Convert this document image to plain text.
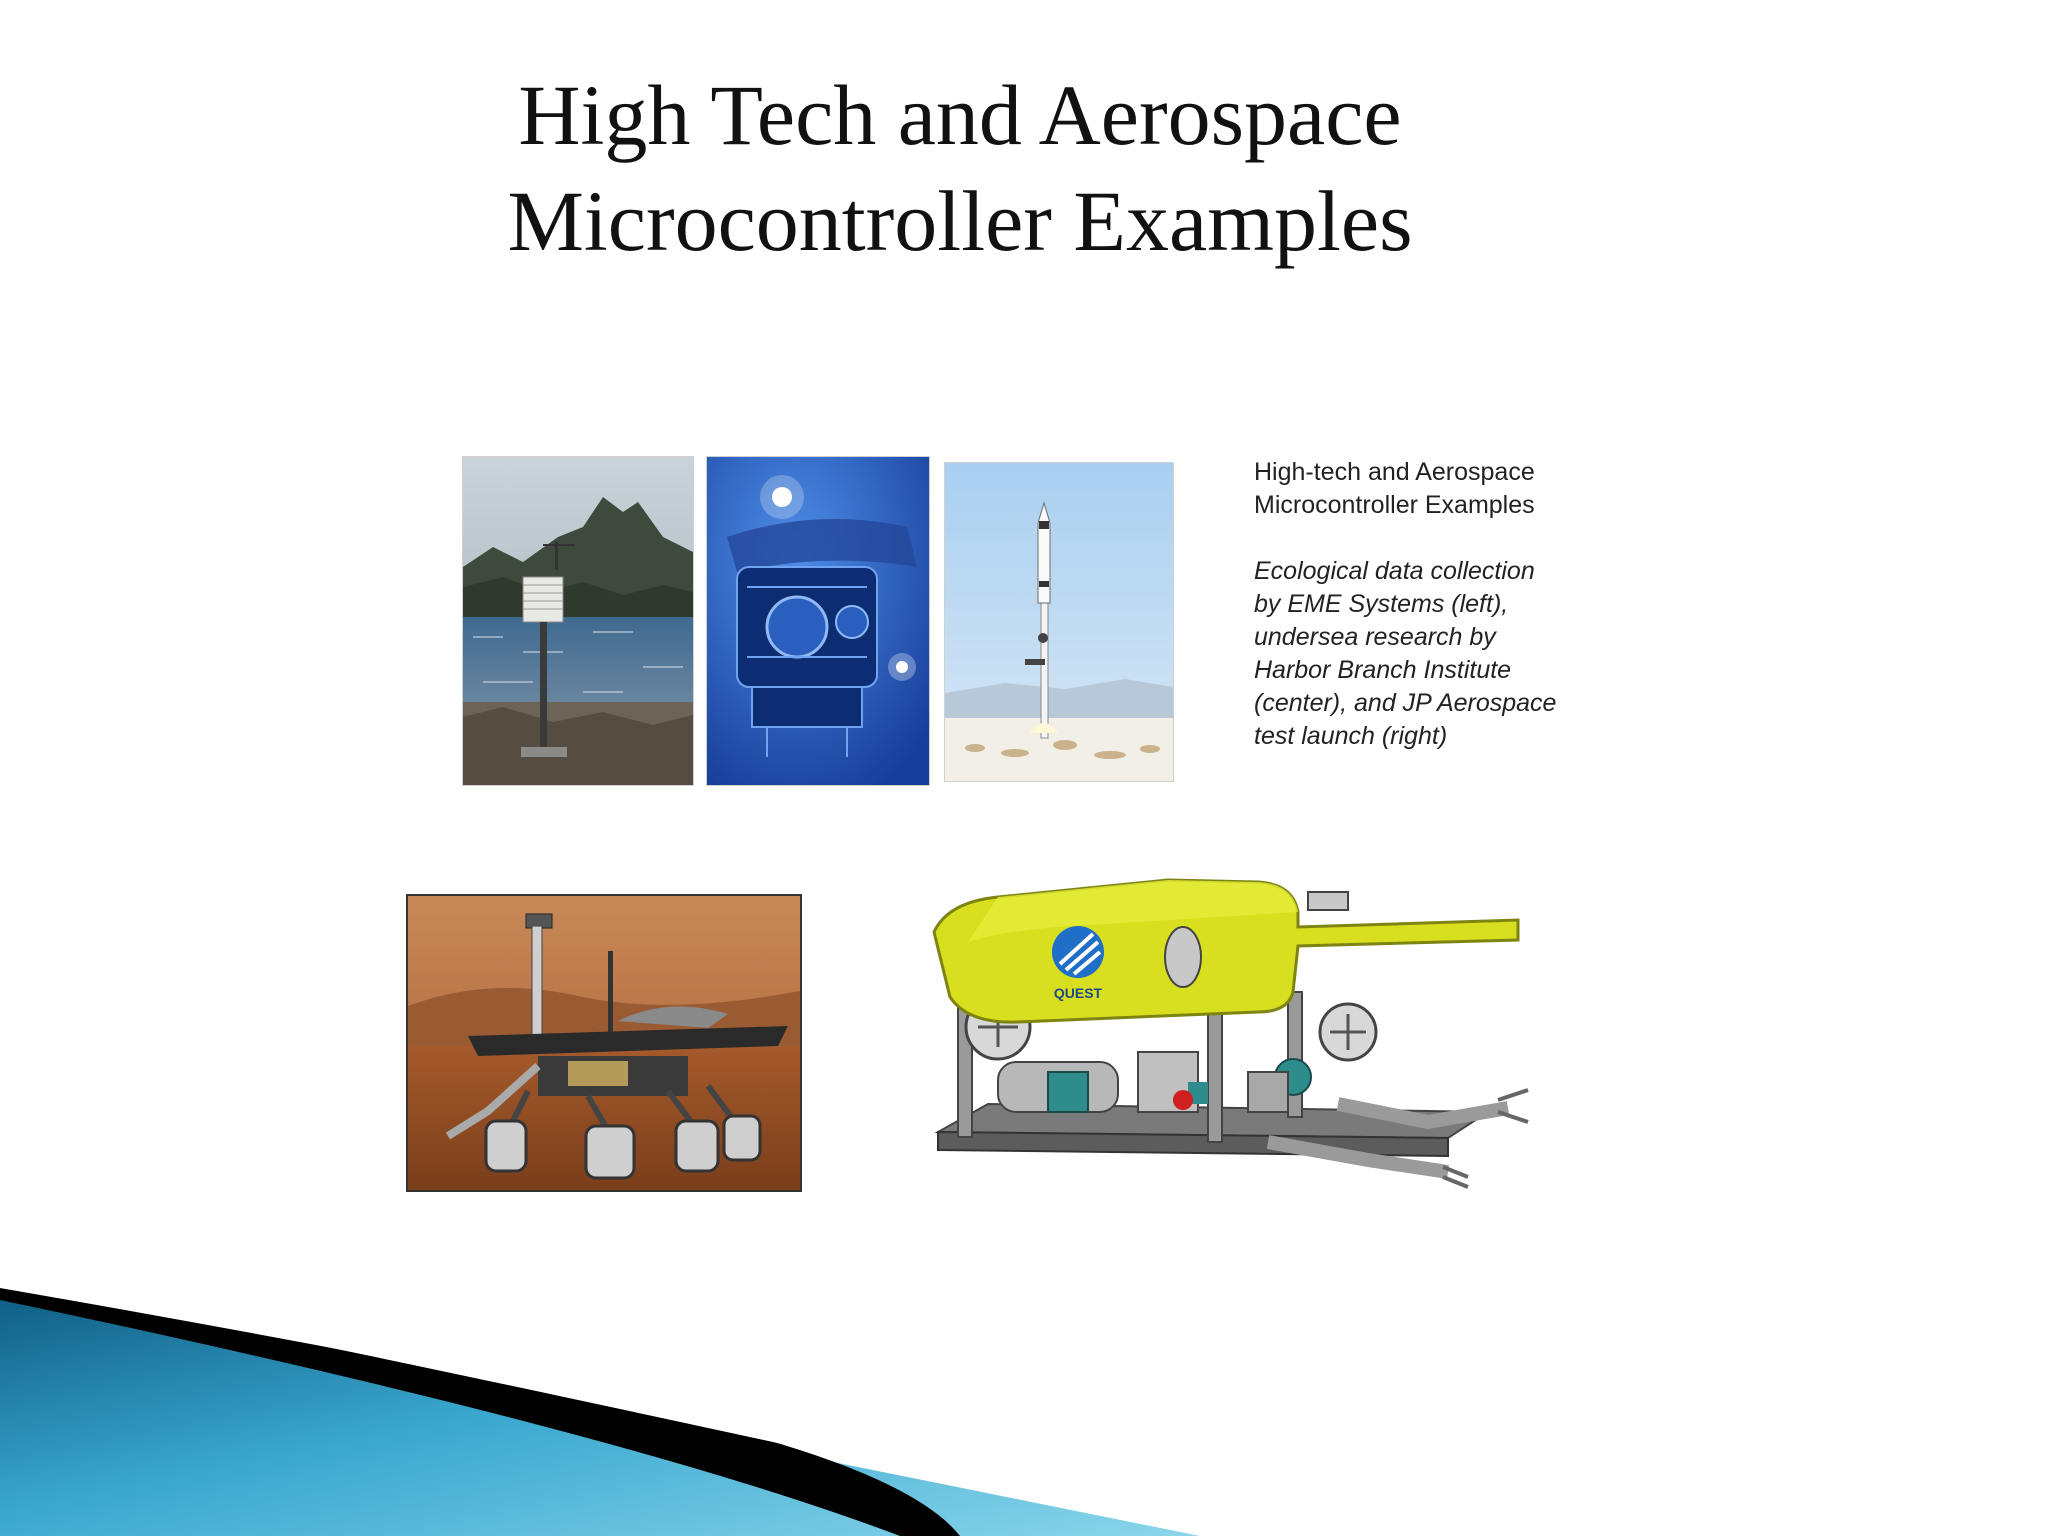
High Tech and Aerospace
Microcontroller Examples
High-tech and Aerospace
Microcontroller Examples
Ecological data collection
by EME Systems (left),
undersea research by
Harbor Branch Institute
(center), and JP Aerospace
test launch (right)
QUEST
